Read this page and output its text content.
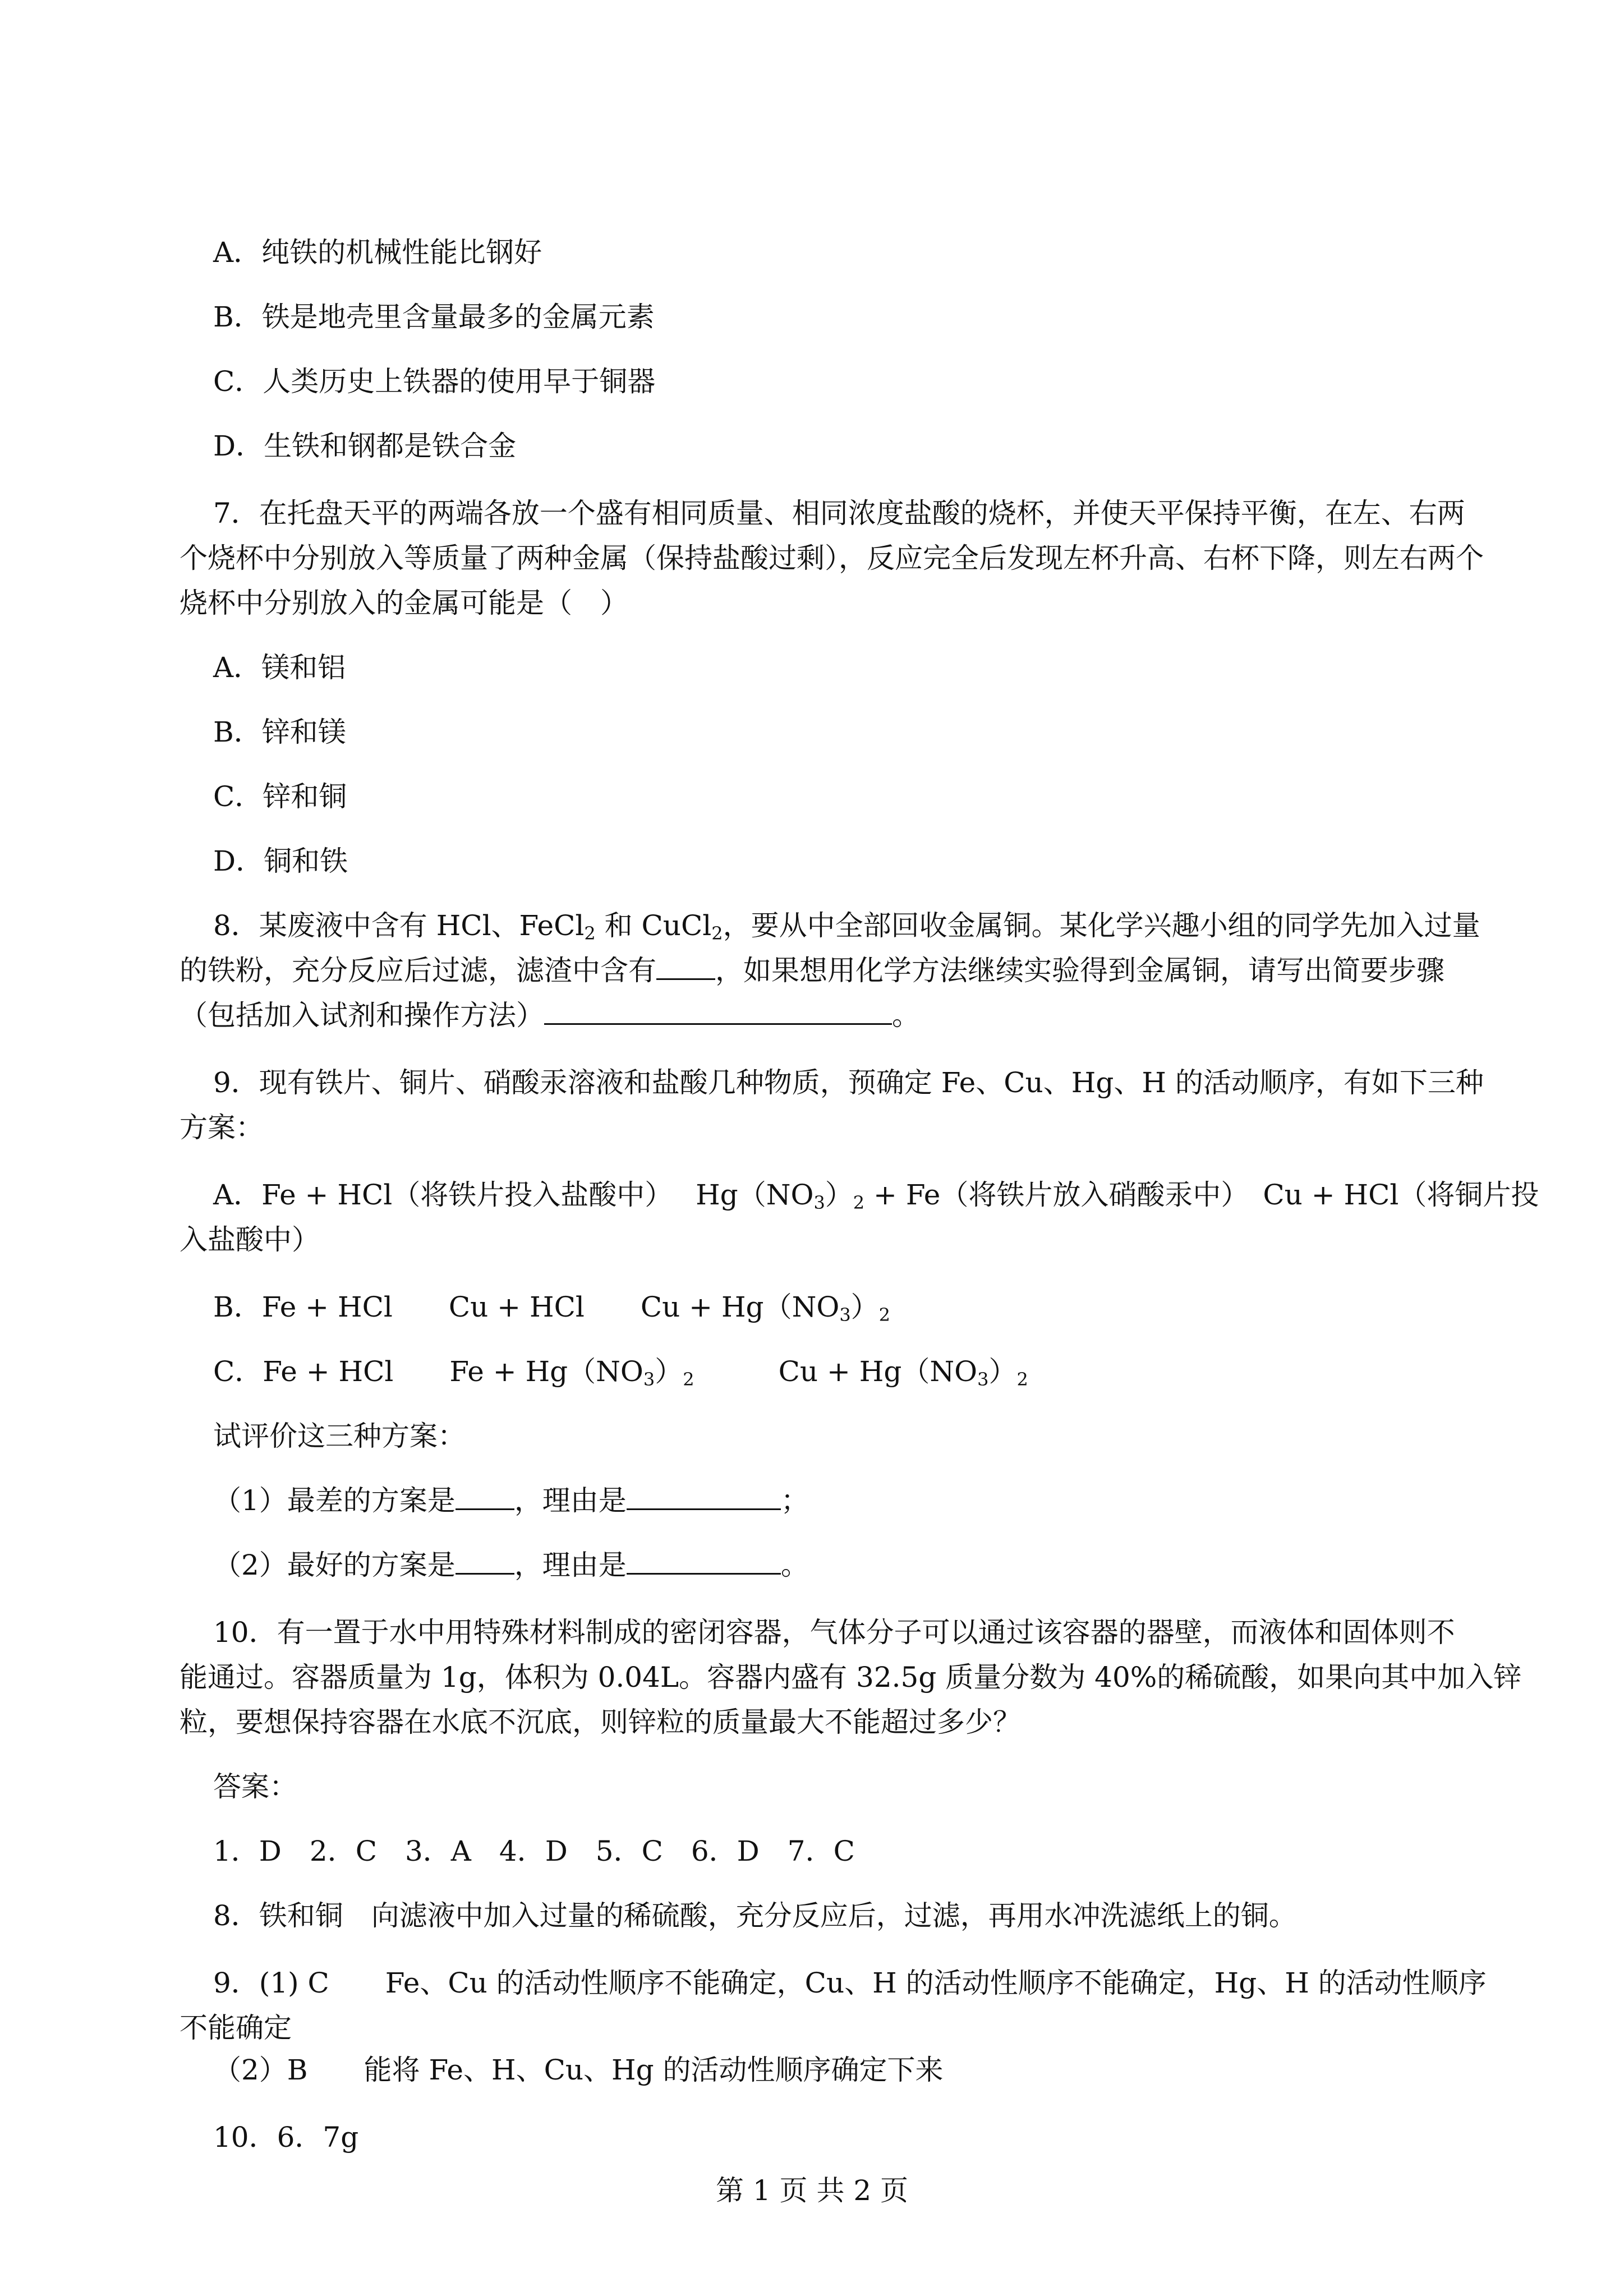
A．纯铁的机械性能比钢好
B．铁是地壳里含量最多的金属元素
C．人类历史上铁器的使用早于铜器
D．生铁和钢都是铁合金
7．在托盘天平的两端各放一个盛有相同质量、相同浓度盐酸的烧杯，并使天平保持平衡，在左、右两
个烧杯中分别放入等质量了两种金属（保持盐酸过剩），反应完全后发现左杯升高、右杯下降，则左右两个
烧杯中分别放入的金属可能是（　）
A．镁和铝
B．锌和镁
C．锌和铜
D．铜和铁
8．某废液中含有 HCl、FeCl$_2$ 和 CuCl$_2$，要从中全部回收金属铜。某化学兴趣小组的同学先加入过量
的铁粉，充分反应后过滤，滤渣中含有 ，如果想用化学方法继续实验得到金属铜，请写出简要步骤
（包括加入试剂和操作方法）	。
9．现有铁片、铜片、硝酸汞溶液和盐酸几种物质，预确定 Fe、Cu、Hg、H 的活动顺序，有如下三种
方案：
A．Fe + HCl（将铁片投入盐酸中）　 $Hg(NO_3)_2 + Fe$（将铁片放入硝酸汞中）　Cu + HCl（将铜片投
入盐酸中）
B．Fe + HCl　　Cu + HCl　　$Cu + Hg(NO_3)_2$
C．Fe + HCl　　$Fe + Hg(NO_3)_2$　　　$Cu + Hg(NO_3)_2$
试评价这三种方案：
（1）最差的方案是 ，理由是	；
（2）最好的方案是 ，理由是	。
10．有一置于水中用特殊材料制成的密闭容器，气体分子可以通过该容器的器壁，而液体和固体则不
能通过。容器质量为 1g，体积为 0.04L。容器内盛有 32.5g 质量分数为 40%的稀硫酸，如果向其中加入锌
粒，要想保持容器在水底不沉底，则锌粒的质量最大不能超过多少？
答案：
1．D　2．C　3．A　4．D　5．C　6．D　7．C
8．铁和铜　向滤液中加入过量的稀硫酸，充分反应后，过滤，再用水冲洗滤纸上的铜。
9．(1) C　　Fe、Cu 的活动性顺序不能确定，Cu、H 的活动性顺序不能确定，Hg、H 的活动性顺序
不能确定
（2）B　　能将 Fe、H、Cu、Hg 的活动性顺序确定下来
10．6．7g
第 1 页 共 2 页
